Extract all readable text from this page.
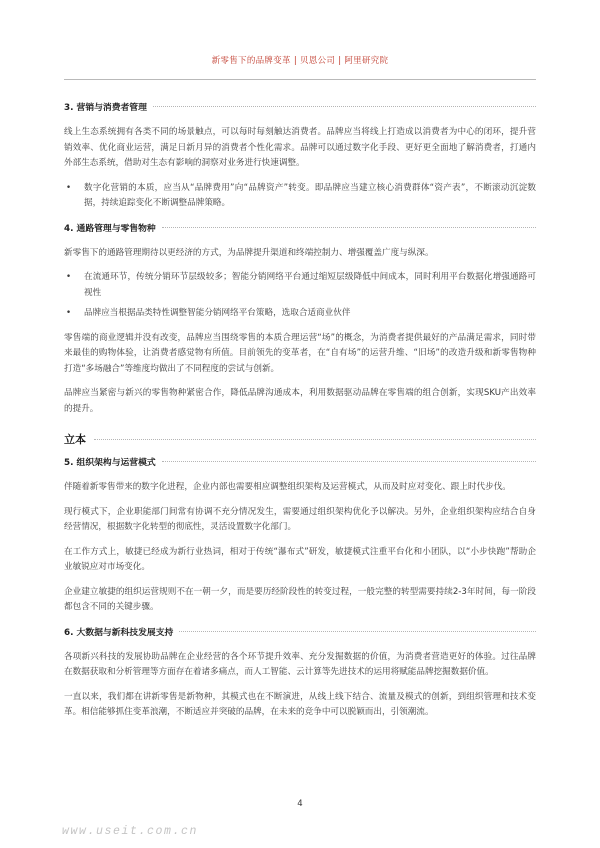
新零售下的品牌变革 | 贝恩公司 | 阿里研究院
3. 营销与消费者管理

线上生态系统拥有各类不同的场景触点，可以每时每刻触达消费者。品牌应当将线上打造成以消费者为中心的闭环，提升营销效率、优化商业运营，满足日新月异的消费者个性化需求。品牌可以通过数字化手段、更好更全面地了解消费者，打通内外部生态系统，借助对生态有影响的洞察对业务进行快速调整。

• 数字化营销的本质，应当从“品牌费用”向“品牌资产”转变。即品牌应当建立核心消费群体“资产表”，不断滚动沉淀数据，持续追踪变化不断调整品牌策略。
4. 通路管理与零售物种

新零售下的通路管理期待以更经济的方式，为品牌提升渠道和终端控制力、增强覆盖广度与纵深。

• 在流通环节，传统分销环节层级较多；智能分销网络平台通过缩短层级降低中间成本，同时利用平台数据化增强通路可视性
• 品牌应当根据品类特性调整智能分销网络平台策略，选取合适商业伙伴

零售端的商业逻辑并没有改变，品牌应当围绕零售的本质合理运营“场”的概念，为消费者提供最好的产品满足需求，同时带来最佳的购物体验，让消费者感觉物有所值。目前领先的变革者，在“自有场”的运营升维、“旧场”的改造升级和新零售物种打造“多场融合”等维度均做出了不同程度的尝试与创新。

品牌应当紧密与新兴的零售物种紧密合作，降低品牌沟通成本，利用数据驱动品牌在零售端的组合创新，实现SKU产出效率的提升。

立本
5. 组织架构与运营模式

伴随着新零售带来的数字化进程，企业内部也需要相应调整组织架构及运营模式，从而及时应对变化、跟上时代步伐。

现行模式下，企业职能部门间常有协调不充分情况发生，需要通过组织架构优化予以解决。另外，企业组织架构应结合自身经营情况，根据数字化转型的彻底性，灵活设置数字化部门。

在工作方式上，敏捷已经成为新行业热词，相对于传统“瀑布式”研发，敏捷模式注重平台化和小团队，以“小步快跑”帮助企业敏锐应对市场变化。

企业建立敏捷的组织运营规则不在一朝一夕，而是要历经阶段性的转变过程，一般完整的转型需要持续2-3年时间，每一阶段都包含不同的关键步骤。

6. 大数据与新科技发展支持

各项新兴科技的发展协助品牌在企业经营的各个环节提升效率、充分发掘数据的价值，为消费者营造更好的体验。过往品牌在数据获取和分析管理等方面存在着诸多痛点，而人工智能、云计算等先进技术的运用将赋能品牌挖掘数据价值。

一直以来，我们都在讲新零售是新物种，其模式也在不断演进，从线上线下结合、流量及模式的创新，到组织管理和技术变革。相信能够抓住变革浪潮，不断适应并突破的品牌，在未来的竞争中可以脱颖而出，引领潮流。

4
www.useit.com.cn
